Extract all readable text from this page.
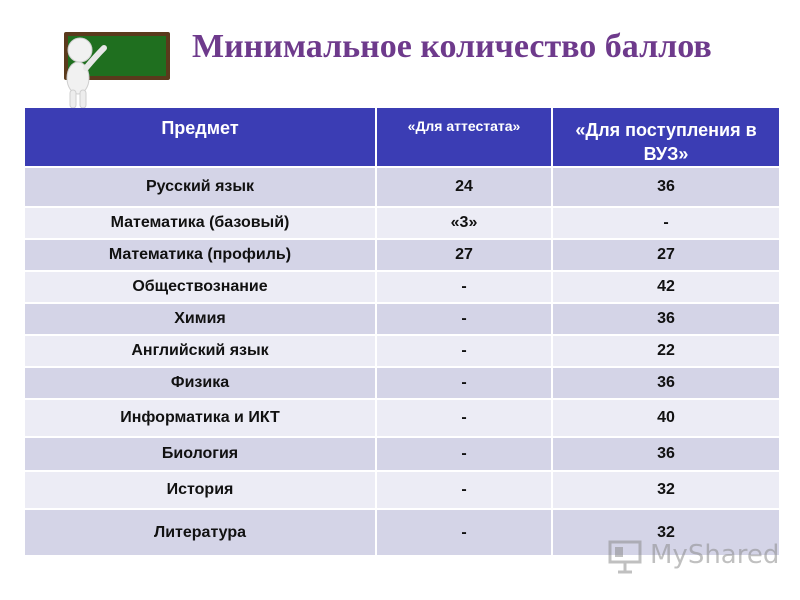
Минимальное количество баллов
Предмет	«Для аттестата»	«Для поступления в ВУЗ»
Русский язык	24	36
Математика (базовый)	«3»	-
Математика (профиль)	27	27
Обществознание	-	42
Химия	-	36
Английский язык	-	22
Физика	-	36
Информатика и ИКТ	-	40
Биология	-	36
История	-	32
Литература	-	32
MyShared
